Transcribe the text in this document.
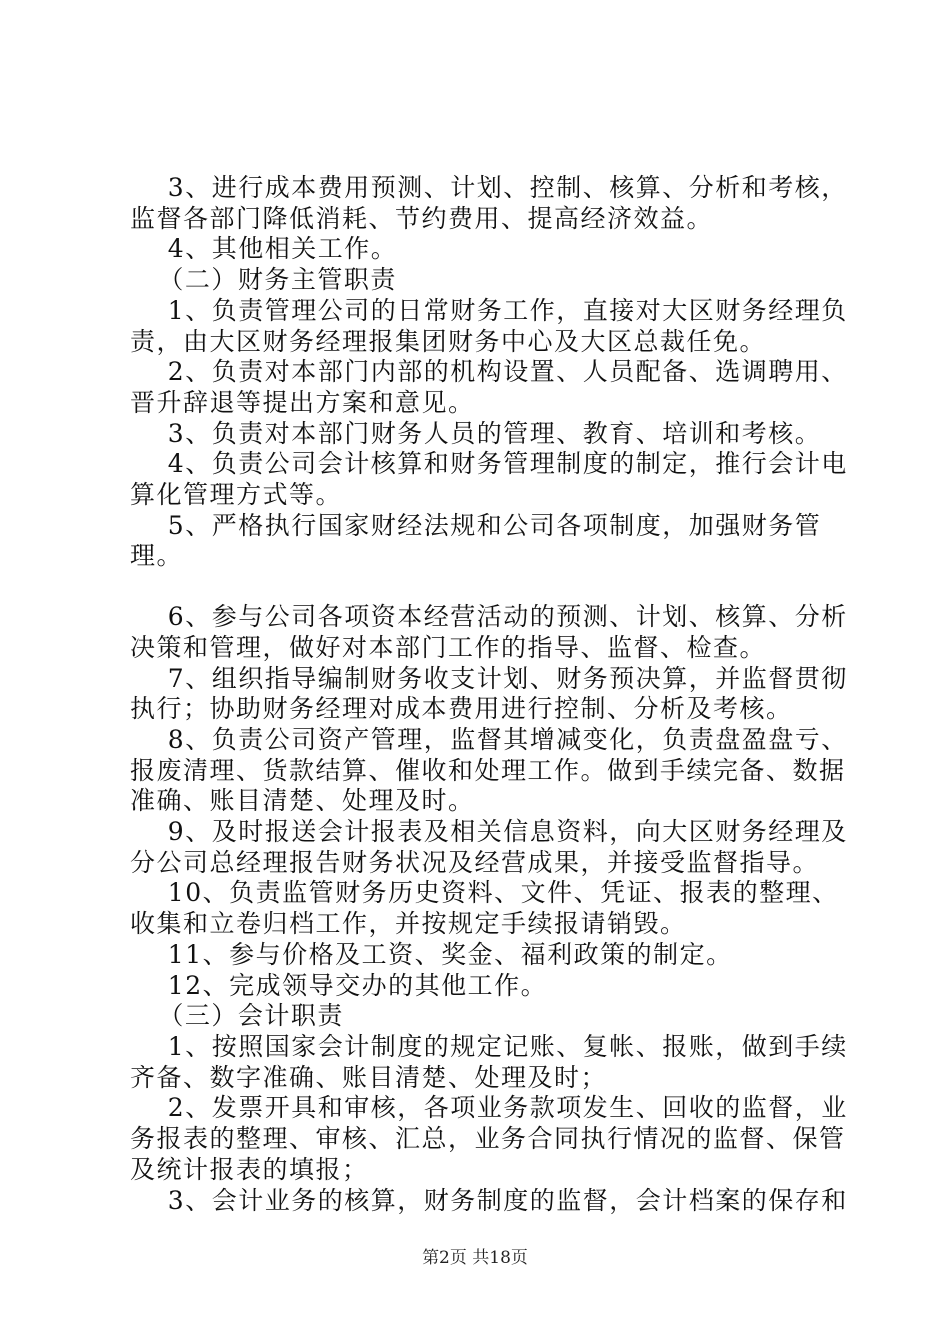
3、进行成本费用预测、计划、控制、核算、分析和考核，监督各部门降低消耗、节约费用、提高经济效益。

4、其他相关工作。

（二）财务主管职责

1、负责管理公司的日常财务工作，直接对大区财务经理负责，由大区财务经理报集团财务中心及大区总裁任免。

2、负责对本部门内部的机构设置、人员配备、选调聘用、晋升辞退等提出方案和意见。

3、负责对本部门财务人员的管理、教育、培训和考核。

4、负责公司会计核算和财务管理制度的制定，推行会计电算化管理方式等。

5、严格执行国家财经法规和公司各项制度，加强财务管理。

6、参与公司各项资本经营活动的预测、计划、核算、分析决策和管理，做好对本部门工作的指导、监督、检查。

7、组织指导编制财务收支计划、财务预决算，并监督贯彻执行；协助财务经理对成本费用进行控制、分析及考核。

8、负责公司资产管理，监督其增减变化，负责盘盈盘亏、报废清理、货款结算、催收和处理工作。做到手续完备、数据准确、账目清楚、处理及时。

9、及时报送会计报表及相关信息资料，向大区财务经理及分公司总经理报告财务状况及经营成果，并接受监督指导。

10、负责监管财务历史资料、文件、凭证、报表的整理、收集和立卷归档工作，并按规定手续报请销毁。

11、参与价格及工资、奖金、福利政策的制定。

12、完成领导交办的其他工作。

（三）会计职责

1、按照国家会计制度的规定记账、复帐、报账，做到手续齐备、数字准确、账目清楚、处理及时；

2、发票开具和审核，各项业务款项发生、回收的监督，业务报表的整理、审核、汇总，业务合同执行情况的监督、保管及统计报表的填报；

3、会计业务的核算，财务制度的监督，会计档案的保存和

第2页 共18页
